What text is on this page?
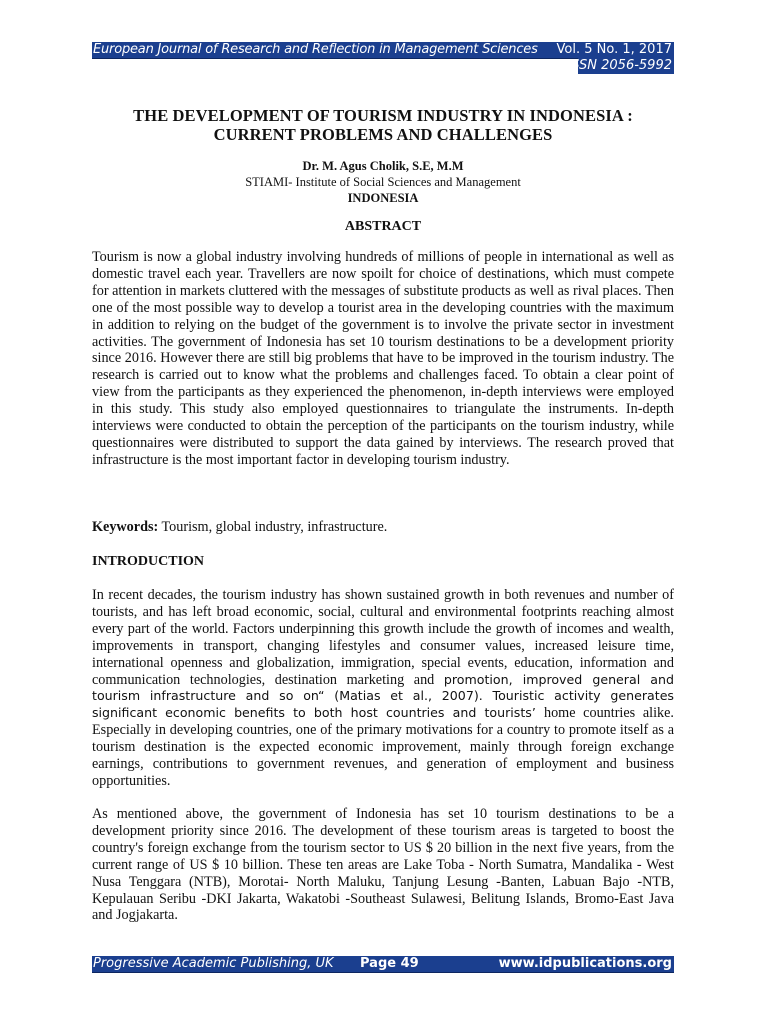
European Journal of Research and Reflection in Management Sciences Vol. 5 No. 1, 2017
ISSN 2056-5992
THE DEVELOPMENT OF TOURISM INDUSTRY IN INDONESIA :
CURRENT PROBLEMS AND CHALLENGES
Dr. M. Agus Cholik, S.E, M.M
STIAMI- Institute of Social Sciences and Management
INDONESIA
ABSTRACT
Tourism is now a global industry involving hundreds of millions of people in international as well as domestic travel each year. Travellers are now spoilt for choice of destinations, which must compete for attention in markets cluttered with the messages of substitute products as well as rival places. Then one of the most possible way to develop a tourist area in the developing countries with the maximum in addition to relying on the budget of the government is to involve the private sector in investment activities. The government of Indonesia has set 10 tourism destinations to be a development priority since 2016. However there are still big problems that have to be improved in the tourism industry. The research is carried out to know what the problems and challenges faced. To obtain a clear point of view from the participants as they experienced the phenomenon, in-depth interviews were employed in this study. This study also employed questionnaires to triangulate the instruments. In-depth interviews were conducted to obtain the perception of the participants on the tourism industry, while questionnaires were distributed to support the data gained by interviews. The research proved that infrastructure is the most important factor in developing tourism industry.
Keywords: Tourism, global industry, infrastructure.
INTRODUCTION
In recent decades, the tourism industry has shown sustained growth in both revenues and number of tourists, and has left broad economic, social, cultural and environmental footprints reaching almost every part of the world. Factors underpinning this growth include the growth of incomes and wealth, improvements in transport, changing lifestyles and consumer values, increased leisure time, international openness and globalization, immigration, special events, education, information and communication technologies, destination marketing and promotion, improved general and tourism infrastructure and so on“ (Matias et al., 2007). Touristic activity generates significant economic benefits to both host countries and tourists’ home countries alike. Especially in developing countries, one of the primary motivations for a country to promote itself as a tourism destination is the expected economic improvement, mainly through foreign exchange earnings, contributions to government revenues, and generation of employment and business opportunities.
As mentioned above, the government of Indonesia has set 10 tourism destinations to be a development priority since 2016. The development of these tourism areas is targeted to boost the country's foreign exchange from the tourism sector to US $ 20 billion in the next five years, from the current range of US $ 10 billion. These ten areas are Lake Toba - North Sumatra, Mandalika - West Nusa Tenggara (NTB), Morotai- North Maluku, Tanjung Lesung -Banten, Labuan Bajo -NTB, Kepulauan Seribu -DKI Jakarta, Wakatobi -Southeast Sulawesi, Belitung Islands, Bromo-East Java and Jogjakarta.
Progressive Academic Publishing, UK Page 49	www.idpublications.org
